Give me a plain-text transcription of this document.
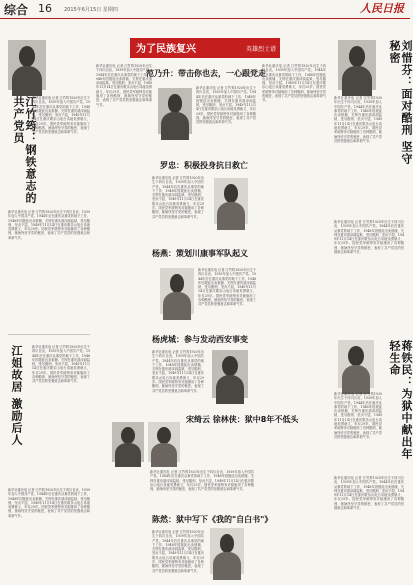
综合 16 2015年6月15日 星期四	人民日报
为了民族复兴	英雄烈士谱
江竹筠：钢铁意志的共产党员	新华社重庆电 记者 江竹筠1920年出生于四川自贡，1939年加入中国共产党。1944年后在重庆从事党的地下工作，1948年因叛徒出卖被捕，关押在重庆渣滓洞监狱，受尽酷刑，坚贞不屈，1949年11月14日在重庆歌乐山电台岚垭英勇就义，年仅29岁。国民党军统特务对她施用了各种酷刑，她始终坚守党的秘密，表现了共产党员的坚强意志和革命气节。
新华社重庆电 记者 江竹筠1920年出生于四川自贡，1939年加入中国共产党。1944年后在重庆从事党的地下工作，1948年因叛徒出卖被捕，关押在重庆渣滓洞监狱，受尽酷刑，坚贞不屈，1949年11月14日在重庆歌乐山电台岚垭英勇就义，年仅29岁。国民党军统特务对她施用了各种酷刑，她始终坚守党的秘密，表现了共产党员的坚强意志和革命气节。
江姐故居 激励后人	新华社重庆电 记者 江竹筠1920年出生于四川自贡，1939年加入中国共产党。1944年后在重庆从事党的地下工作，1948年因叛徒出卖被捕，关押在重庆渣滓洞监狱，受尽酷刑，坚贞不屈，1949年11月14日在重庆歌乐山电台岚垭英勇就义，年仅29岁。国民党军统特务对她施用了各种酷刑，她始终坚守党的秘密，表现了共产党员的坚强意志和革命气节。
新华社重庆电 记者 江竹筠1920年出生于四川自贡，1939年加入中国共产党。1944年后在重庆从事党的地下工作，1948年因叛徒出卖被捕，关押在重庆渣滓洞监狱，受尽酷刑，坚贞不屈，1949年11月14日在重庆歌乐山电台岚垭英勇就义，年仅29岁。国民党军统特务对她施用了各种酷刑，她始终坚守党的秘密，表现了共产党员的坚强意志和革命气节。
新华社重庆电 记者 江竹筠1920年出生于四川自贡，1939年加入中国共产党。1944年后在重庆从事党的地下工作，1948年因叛徒出卖被捕，关押在重庆渣滓洞监狱，受尽酷刑，坚贞不屈，1949年11月14日在重庆歌乐山电台岚垭英勇就义，年仅29岁。国民党军统特务对她施用了各种酷刑，她始终坚守党的秘密，表现了共产党员的坚强意志和革命气节。
范乃升：带击你也去，一心跟党走
新华社重庆电 记者 江竹筠1920年出生于四川自贡，1939年加入中国共产党。1944年后在重庆从事党的地下工作，1948年因叛徒出卖被捕，关押在重庆渣滓洞监狱，受尽酷刑，坚贞不屈，1949年11月14日在重庆歌乐山电台岚垭英勇就义，年仅29岁。国民党军统特务对她施用了各种酷刑，她始终坚守党的秘密，表现了共产党员的坚强意志和革命气节。
罗忠：积极投身抗日救亡
新华社重庆电 记者 江竹筠1920年出生于四川自贡，1939年加入中国共产党。1944年后在重庆从事党的地下工作，1948年因叛徒出卖被捕，关押在重庆渣滓洞监狱，受尽酷刑，坚贞不屈，1949年11月14日在重庆歌乐山电台岚垭英勇就义，年仅29岁。国民党军统特务对她施用了各种酷刑，她始终坚守党的秘密，表现了共产党员的坚强意志和革命气节。
杨燕：策划川康事军队起义
新华社重庆电 记者 江竹筠1920年出生于四川自贡，1939年加入中国共产党。1944年后在重庆从事党的地下工作，1948年因叛徒出卖被捕，关押在重庆渣滓洞监狱，受尽酷刑，坚贞不屈，1949年11月14日在重庆歌乐山电台岚垭英勇就义，年仅29岁。国民党军统特务对她施用了各种酷刑，她始终坚守党的秘密，表现了共产党员的坚强意志和革命气节。
杨虎城：参与发动西安事变
新华社重庆电 记者 江竹筠1920年出生于四川自贡，1939年加入中国共产党。1944年后在重庆从事党的地下工作，1948年因叛徒出卖被捕，关押在重庆渣滓洞监狱，受尽酷刑，坚贞不屈，1949年11月14日在重庆歌乐山电台岚垭英勇就义，年仅29岁。国民党军统特务对她施用了各种酷刑，她始终坚守党的秘密，表现了共产党员的坚强意志和革命气节。
宋绮云 徐林侠：狱中8年不低头
新华社重庆电 记者 江竹筠1920年出生于四川自贡，1939年加入中国共产党。1944年后在重庆从事党的地下工作，1948年因叛徒出卖被捕，关押在重庆渣滓洞监狱，受尽酷刑，坚贞不屈，1949年11月14日在重庆歌乐山电台岚垭英勇就义，年仅29岁。国民党军统特务对她施用了各种酷刑，她始终坚守党的秘密，表现了共产党员的坚强意志和革命气节。
陈然：狱中写下《我的"自白书"》
新华社重庆电 记者 江竹筠1920年出生于四川自贡，1939年加入中国共产党。1944年后在重庆从事党的地下工作，1948年因叛徒出卖被捕，关押在重庆渣滓洞监狱，受尽酷刑，坚贞不屈，1949年11月14日在重庆歌乐山电台岚垭英勇就义，年仅29岁。国民党军统特务对她施用了各种酷刑，她始终坚守党的秘密，表现了共产党员的坚强意志和革命气节。
新华社重庆电 记者 江竹筠1920年出生于四川自贡，1939年加入中国共产党。1944年后在重庆从事党的地下工作，1948年因叛徒出卖被捕，关押在重庆渣滓洞监狱，受尽酷刑，坚贞不屈，1949年11月14日在重庆歌乐山电台岚垭英勇就义，年仅29岁。国民党军统特务对她施用了各种酷刑，她始终坚守党的秘密，表现了共产党员的坚强意志和革命气节。	刘惜芬：面对酷刑 坚守秘密
新华社重庆电 记者 江竹筠1920年出生于四川自贡，1939年加入中国共产党。1944年后在重庆从事党的地下工作，1948年因叛徒出卖被捕，关押在重庆渣滓洞监狱，受尽酷刑，坚贞不屈，1949年11月14日在重庆歌乐山电台岚垭英勇就义，年仅29岁。国民党军统特务对她施用了各种酷刑，她始终坚守党的秘密，表现了共产党员的坚强意志和革命气节。
新华社重庆电 记者 江竹筠1920年出生于四川自贡，1939年加入中国共产党。1944年后在重庆从事党的地下工作，1948年因叛徒出卖被捕，关押在重庆渣滓洞监狱，受尽酷刑，坚贞不屈，1949年11月14日在重庆歌乐山电台岚垭英勇就义，年仅29岁。国民党军统特务对她施用了各种酷刑，她始终坚守党的秘密，表现了共产党员的坚强意志和革命气节。
蒋铁民：为狱中献出年轻生命
新华社重庆电 记者 江竹筠1920年出生于四川自贡，1939年加入中国共产党。1944年后在重庆从事党的地下工作，1948年因叛徒出卖被捕，关押在重庆渣滓洞监狱，受尽酷刑，坚贞不屈，1949年11月14日在重庆歌乐山电台岚垭英勇就义，年仅29岁。国民党军统特务对她施用了各种酷刑，她始终坚守党的秘密，表现了共产党员的坚强意志和革命气节。
新华社重庆电 记者 江竹筠1920年出生于四川自贡，1939年加入中国共产党。1944年后在重庆从事党的地下工作，1948年因叛徒出卖被捕，关押在重庆渣滓洞监狱，受尽酷刑，坚贞不屈，1949年11月14日在重庆歌乐山电台岚垭英勇就义，年仅29岁。国民党军统特务对她施用了各种酷刑，她始终坚守党的秘密，表现了共产党员的坚强意志和革命气节。
